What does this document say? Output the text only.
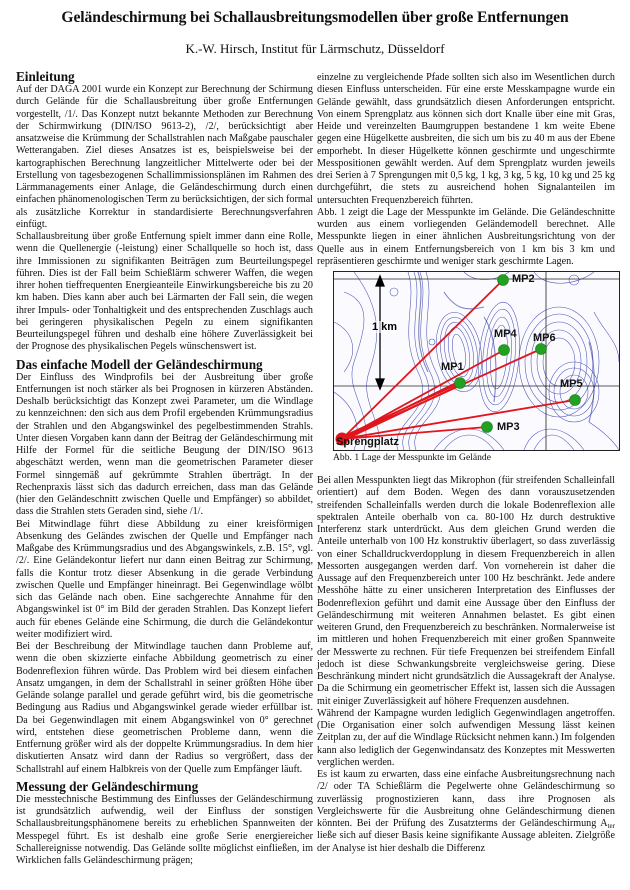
Geländeschirmung bei Schallausbreitungsmodellen über große Entfernungen
K.-W. Hirsch, Institut für Lärmschutz, Düsseldorf
Einleitung

Auf der DAGA 2001 wurde ein Konzept zur Berechnung der Schirmung durch Gelände für die Schallausbreitung über große Entfernungen vorgestellt, /1/. Das Konzept nutzt bekannte Methoden zur Berechnung der Schirmwirkung (DIN/ISO 9613-2), /2/, berücksichtigt aber ansatzweise die Krümmung der Schallstrahlen nach Maßgabe pauschaler Wetterangaben. Ziel dieses Ansatzes ist es, beispielsweise bei der kartographischen Berechnung langzeitlicher Mittelwerte oder bei der Erstellung von tagesbezogenen Schallimmissionsplänen im Rahmen des Lärmmanagements einer Anlage, die Geländeschirmung durch einen einfachen phänomenologischen Term zu berücksichtigen, der sich formal als zusätzliche Korrektur in standardisierte Berechnungsverfahren einfügt.

Schallausbreitung über große Entfernung spielt immer dann eine Rolle, wenn die Quellenergie (-leistung) einer Schallquelle so hoch ist, dass ihre Immissionen zu signifikanten Beiträgen zum Beurteilungspegel führen. Dies ist der Fall beim Schießlärm schwerer Waffen, die wegen ihrer hohen tieffrequenten Energieanteile Einwirkungsbereiche bis zu 20 km haben. Dies kann aber auch bei Lärmarten der Fall sein, die wegen ihrer Impuls- oder Tonhaltigkeit und des entsprechenden Zuschlags auch bei geringeren physikalischen Pegeln zu einem signifikanten Beurteilungspegel führen und deshalb eine höhere Zuverlässigkeit bei der Prognose des physikalischen Pegels wünschenswert ist.

Das einfache Modell der Geländeschirmung

Der Einfluss des Windprofils bei der Ausbreitung über große Entfernungen ist noch stärker als bei Prognosen in kürzeren Abständen. Deshalb berücksichtigt das Konzept zwei Parameter, um die Windlage zu kennzeichnen: den sich aus dem Profil ergebenden Krümmungsradius der Strahlen und den Abgangswinkel des pegelbestimmenden Strahls. Unter diesen Vorgaben kann dann der Beitrag der Geländeschirmung mit Hilfe der Formel für die seitliche Beugung der DIN/ISO 9613 abgeschätzt werden, wenn man die geometrischen Parameter dieser Formel sinngemäß auf gekrümmte Strahlen überträgt. In der Rechenpraxis lässt sich das dadurch erreichen, dass man das Gelände (hier den Geländeschnitt zwischen Quelle und Empfänger) so abbildet, dass die Strahlen stets Geraden sind, siehe /1/.

Bei Mitwindlage führt diese Abbildung zu einer kreisförmigen Absenkung des Geländes zwischen der Quelle und Empfänger nach Maßgabe des Krümmungsradius und des Abgangswinkels, z.B. 15°, vgl. /2/. Eine Geländekontur liefert nur dann einen Beitrag zur Schirmung, falls die Kontur trotz dieser Absenkung in die gerade Verbindung zwischen Quelle und Empfänger hineinragt. Bei Gegenwindlage wölbt sich das Gelände nach oben. Eine sachgerechte Annahme für den Abgangswinkel ist 0° im Bild der geraden Strahlen. Das Konzept liefert auch für ebenes Gelände eine Schirmung, die durch die Geländekontur weiter modifiziert wird.

Bei der Beschreibung der Mitwindlage tauchen dann Probleme auf, wenn die oben skizzierte einfache Abbildung geometrisch zu einer Bodenreflexion führen würde. Das Problem wird bei diesem einfachen Ansatz umgangen, in dem der Schallstrahl in seiner größten Höhe über Gelände solange parallel und gerade geführt wird, bis die geometrische Bedingung aus Radius und Abgangswinkel gerade wieder erfüllbar ist. Da bei Gegenwindlagen mit einem Abgangswinkel von 0° gerechnet wird, entstehen diese geometrischen Probleme dann, wenn die Entfernung größer wird als der doppelte Krümmungsradius. In dem hier diskutierten Ansatz wird dann der Radius so vergrößert, dass der Schallstrahl auf einem Halbkreis von der Quelle zum Empfänger läuft.

Messung der Geländeschirmung

Die messtechnische Bestimmung des Einflusses der Geländeschirmung ist grundsätzlich aufwendig, weil der Einfluss der sonstigen Schallausbreitungsphänomene bereits zu erheblichen Spannweiten der Messpegel führt. Es ist deshalb eine große Serie energiereicher Schallereignisse notwendig. Das Gelände sollte möglichst einfließen, im Wirklichen falls Geländeschirmung prägen;

einzelne zu vergleichende Pfade sollten sich also im Wesentlichen durch diesen Einfluss unterscheiden. Für eine erste Messkampagne wurde ein Gelände gewählt, dass grundsätzlich diesen Anforderungen entspricht. Von einem Sprengplatz aus können sich dort Knalle über eine mit Gras, Heide und vereinzelten Baumgruppen bestandene 1 km weite Ebene gegen eine Hügelkette ausbreiten, die sich um bis zu 40 m aus der Ebene emporhebt. In dieser Hügelkette können geschirmte und ungeschirmte Messpositionen gewählt werden. Auf dem Sprengplatz wurden jeweils drei Serien à 7 Sprengungen mit 0,5 kg, 1 kg, 3 kg, 5 kg, 10 kg und 25 kg durchgeführt, die stets zu ausreichend hohen Signalanteilen im untersuchten Frequenzbereich führten.

Abb. 1 zeigt die Lage der Messpunkte im Gelände. Die Geländeschnitte wurden aus einem vorliegenden Geländemodell berechnet. Alle Messpunkte liegen in einer ähnlichen Ausbreitungsrichtung von der Quelle aus in einem Entfernungsbereich von 1 km bis 3 km und repräsentieren geschirmte und weniger stark geschirmte Lagen.

1 km
MP1
MP2
MP3
MP4
MP5
MP6
Sprengplatz

Abb. 1 Lage der Messpunkte im Gelände

Bei allen Messpunkten liegt das Mikrophon (für streifenden Schalleinfall orientiert) auf dem Boden. Wegen des dann vorauszusetzenden streifenden Schalleinfalls werden durch die lokale Bodenreflexion alle spektralen Anteile oberhalb von ca. 80-100 Hz durch destruktive Interferenz stark unterdrückt. Aus dem gleichen Grund werden die Anteile unterhalb von 100 Hz konstruktiv überlagert, so dass zuverlässig von einer Schalldruckverdopplung in diesem Frequenzbereich in allen Messorten ausgegangen werden darf. Von vorneherein ist daher die Aussage auf den Frequenzbereich unter 100 Hz beschränkt. Jede andere Messhöhe hätte zu einer unsicheren Interpretation des Einflusses der Bodenreflexion geführt und damit eine Aussage über den Einfluss der Geländeschirmung mit weiteren Annahmen belastet. Es gibt einen weiteren Grund, den Frequenzbereich zu beschränken. Normalerweise ist im mittleren und hohen Frequenzbereich mit einer großen Spannweite der Messwerte zu rechnen. Für tiefe Frequenzen bei streifendem Einfall jedoch ist diese Schwankungsbreite vergleichsweise gering. Diese Beschränkung mindert nicht grundsätzlich die Aussagekraft der Analyse. Da die Schirmung ein geometrischer Effekt ist, lassen sich die Aussagen mit einiger Zuverlässigkeit auf höhere Frequenzen ausdehnen.

Während der Kampagne wurden lediglich Gegenwindlagen angetroffen. (Die Organisation einer solch aufwendigen Messung lässt keinen Zeitplan zu, der auf die Windlage Rücksicht nehmen kann.) Im folgenden kann also lediglich der Gegenwindansatz des Konzeptes mit Messwerten verglichen werden.

Es ist kaum zu erwarten, dass eine einfache Ausbreitungsrechnung nach /2/ oder TA Schießlärm die Pegelwerte ohne Geländeschirmung so zuverlässig prognostizieren kann, dass ihre Prognosen als Vergleichswerte für die Ausbreitung ohne Geländeschirmung dienen könnten. Bei der Prüfung des Zusatzterms der Geländeschirmung $A_{ter}$ ließe sich auf dieser Basis keine signifikante Aussage ableiten. Zielgröße der Analyse ist hier deshalb die Differenz
